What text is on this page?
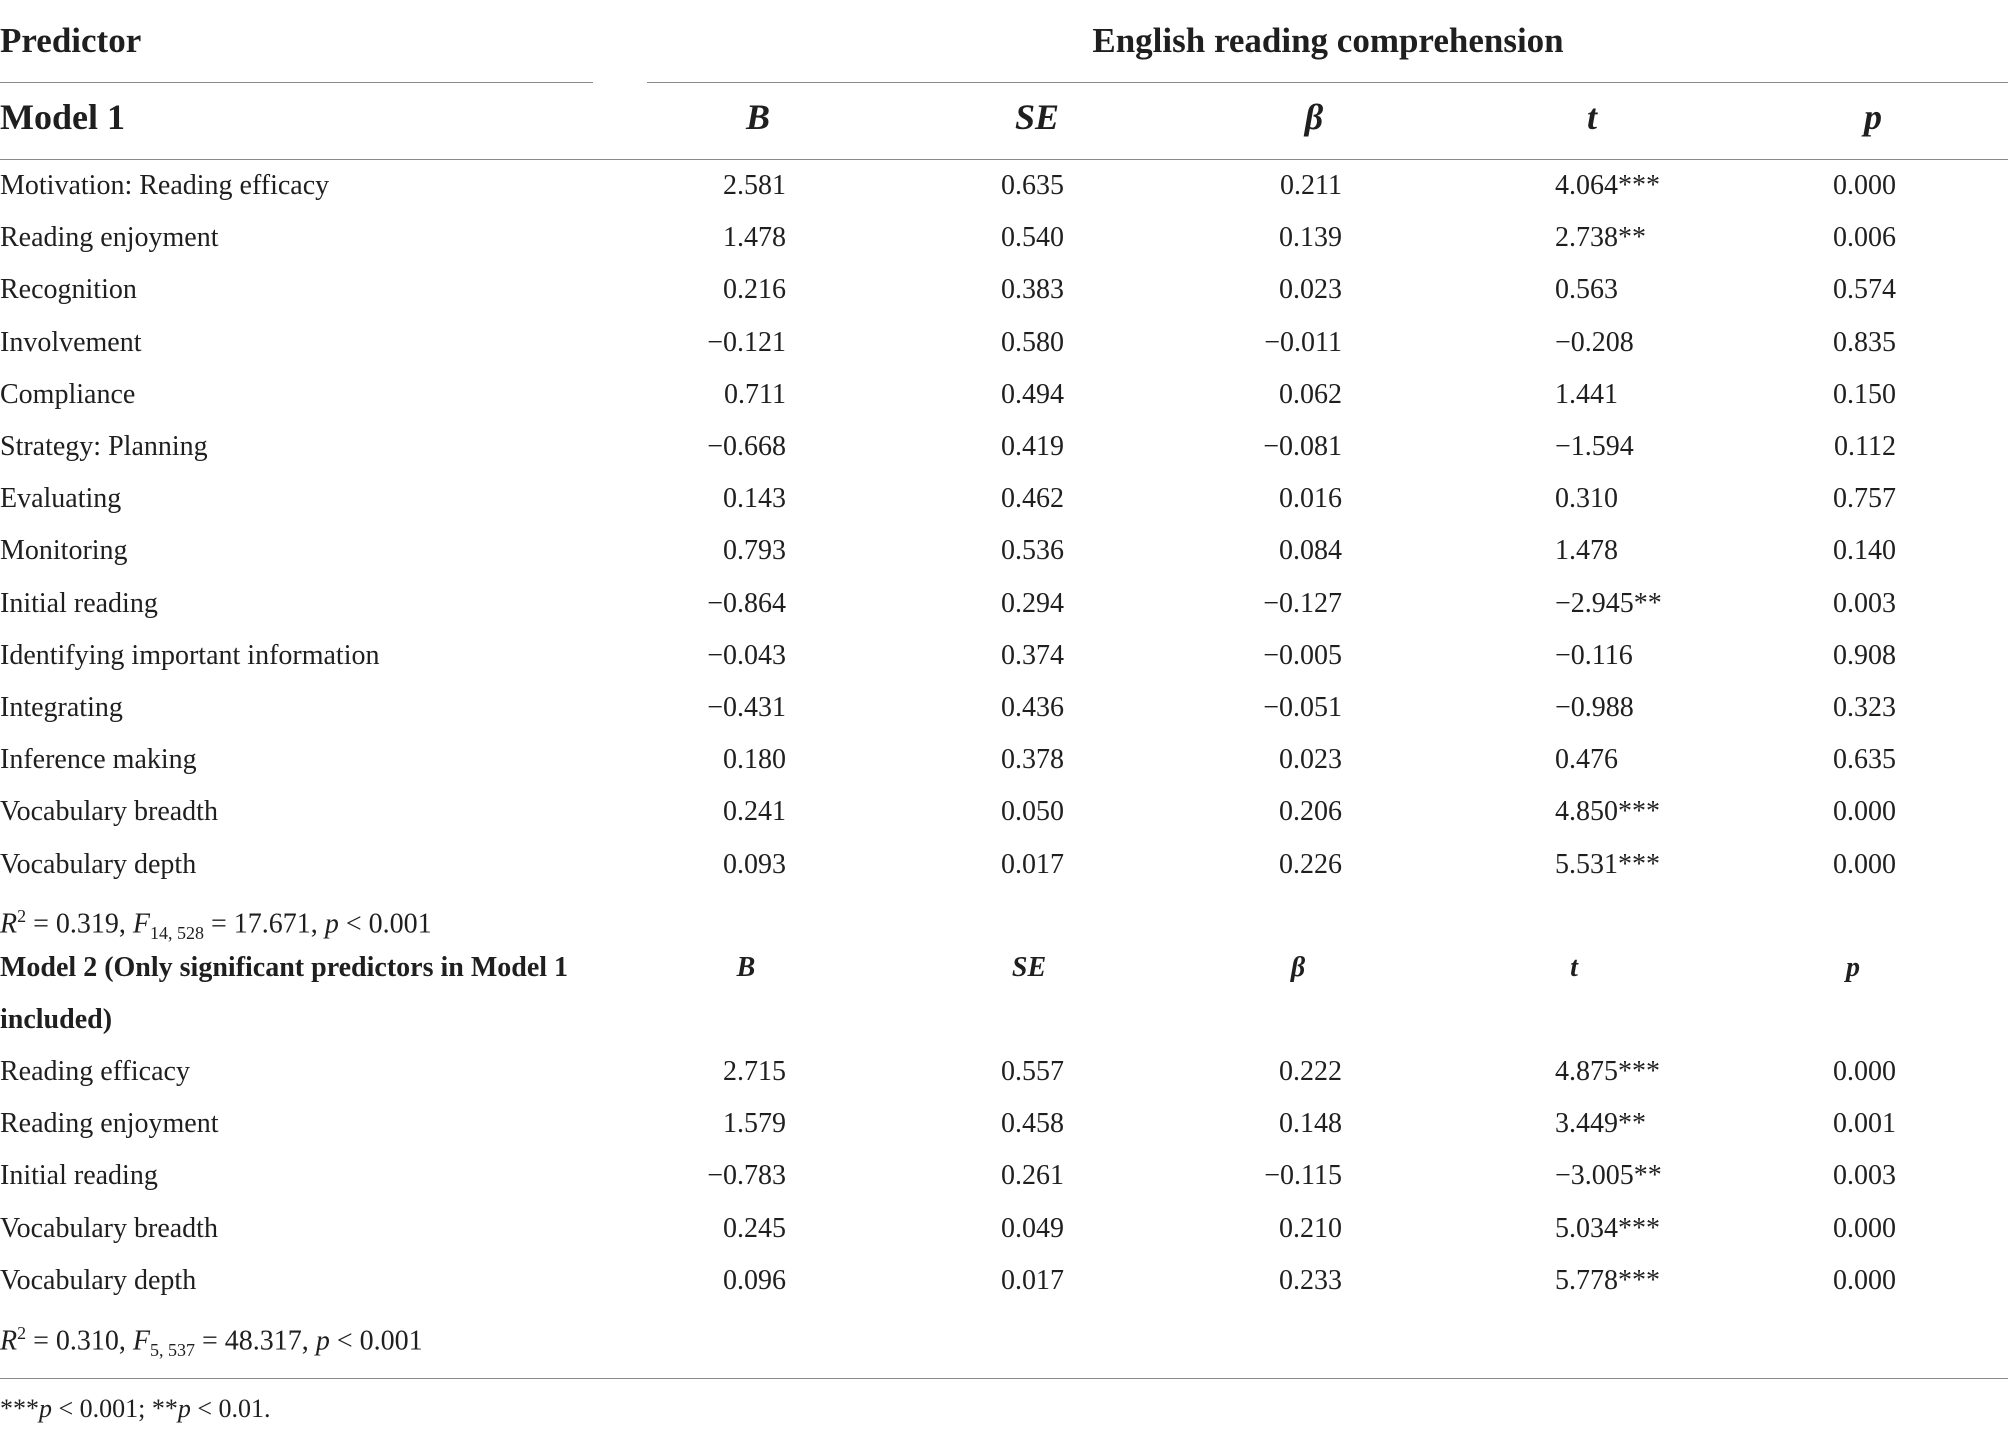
Predictor	English reading comprehension
Model 1	B	SE	β	t	p
Motivation: Reading efficacy	2.581	0.635	0.211	4.064***	0.000
Reading enjoyment	1.478	0.540	0.139	2.738**	0.006
Recognition	0.216	0.383	0.023	0.563	0.574
Involvement	−0.121	0.580	−0.011	−0.208	0.835
Compliance	0.711	0.494	0.062	1.441	0.150
Strategy: Planning	−0.668	0.419	−0.081	−1.594	0.112
Evaluating	0.143	0.462	0.016	0.310	0.757
Monitoring	0.793	0.536	0.084	1.478	0.140
Initial reading	−0.864	0.294	−0.127	−2.945**	0.003
Identifying important information	−0.043	0.374	−0.005	−0.116	0.908
Integrating	−0.431	0.436	−0.051	−0.988	0.323
Inference making	0.180	0.378	0.023	0.476	0.635
Vocabulary breadth	0.241	0.050	0.206	4.850***	0.000
Vocabulary depth	0.093	0.017	0.226	5.531***	0.000
$R^2 = 0.319$, $F_{14, 528} = 17.671$, p < 0.001
Model 2 (Only significant predictors in Model 1 included)
B	SE	β	t	p
Reading efficacy	2.715	0.557	0.222	4.875***	0.000
Reading enjoyment	1.579	0.458	0.148	3.449**	0.001
Initial reading	−0.783	0.261	−0.115	−3.005**	0.003
Vocabulary breadth	0.245	0.049	0.210	5.034***	0.000
Vocabulary depth	0.096	0.017	0.233	5.778***	0.000
$R^2 = 0.310$, $F_{5, 537} = 48.317$, p < 0.001
***p < 0.001; **p < 0.01.
